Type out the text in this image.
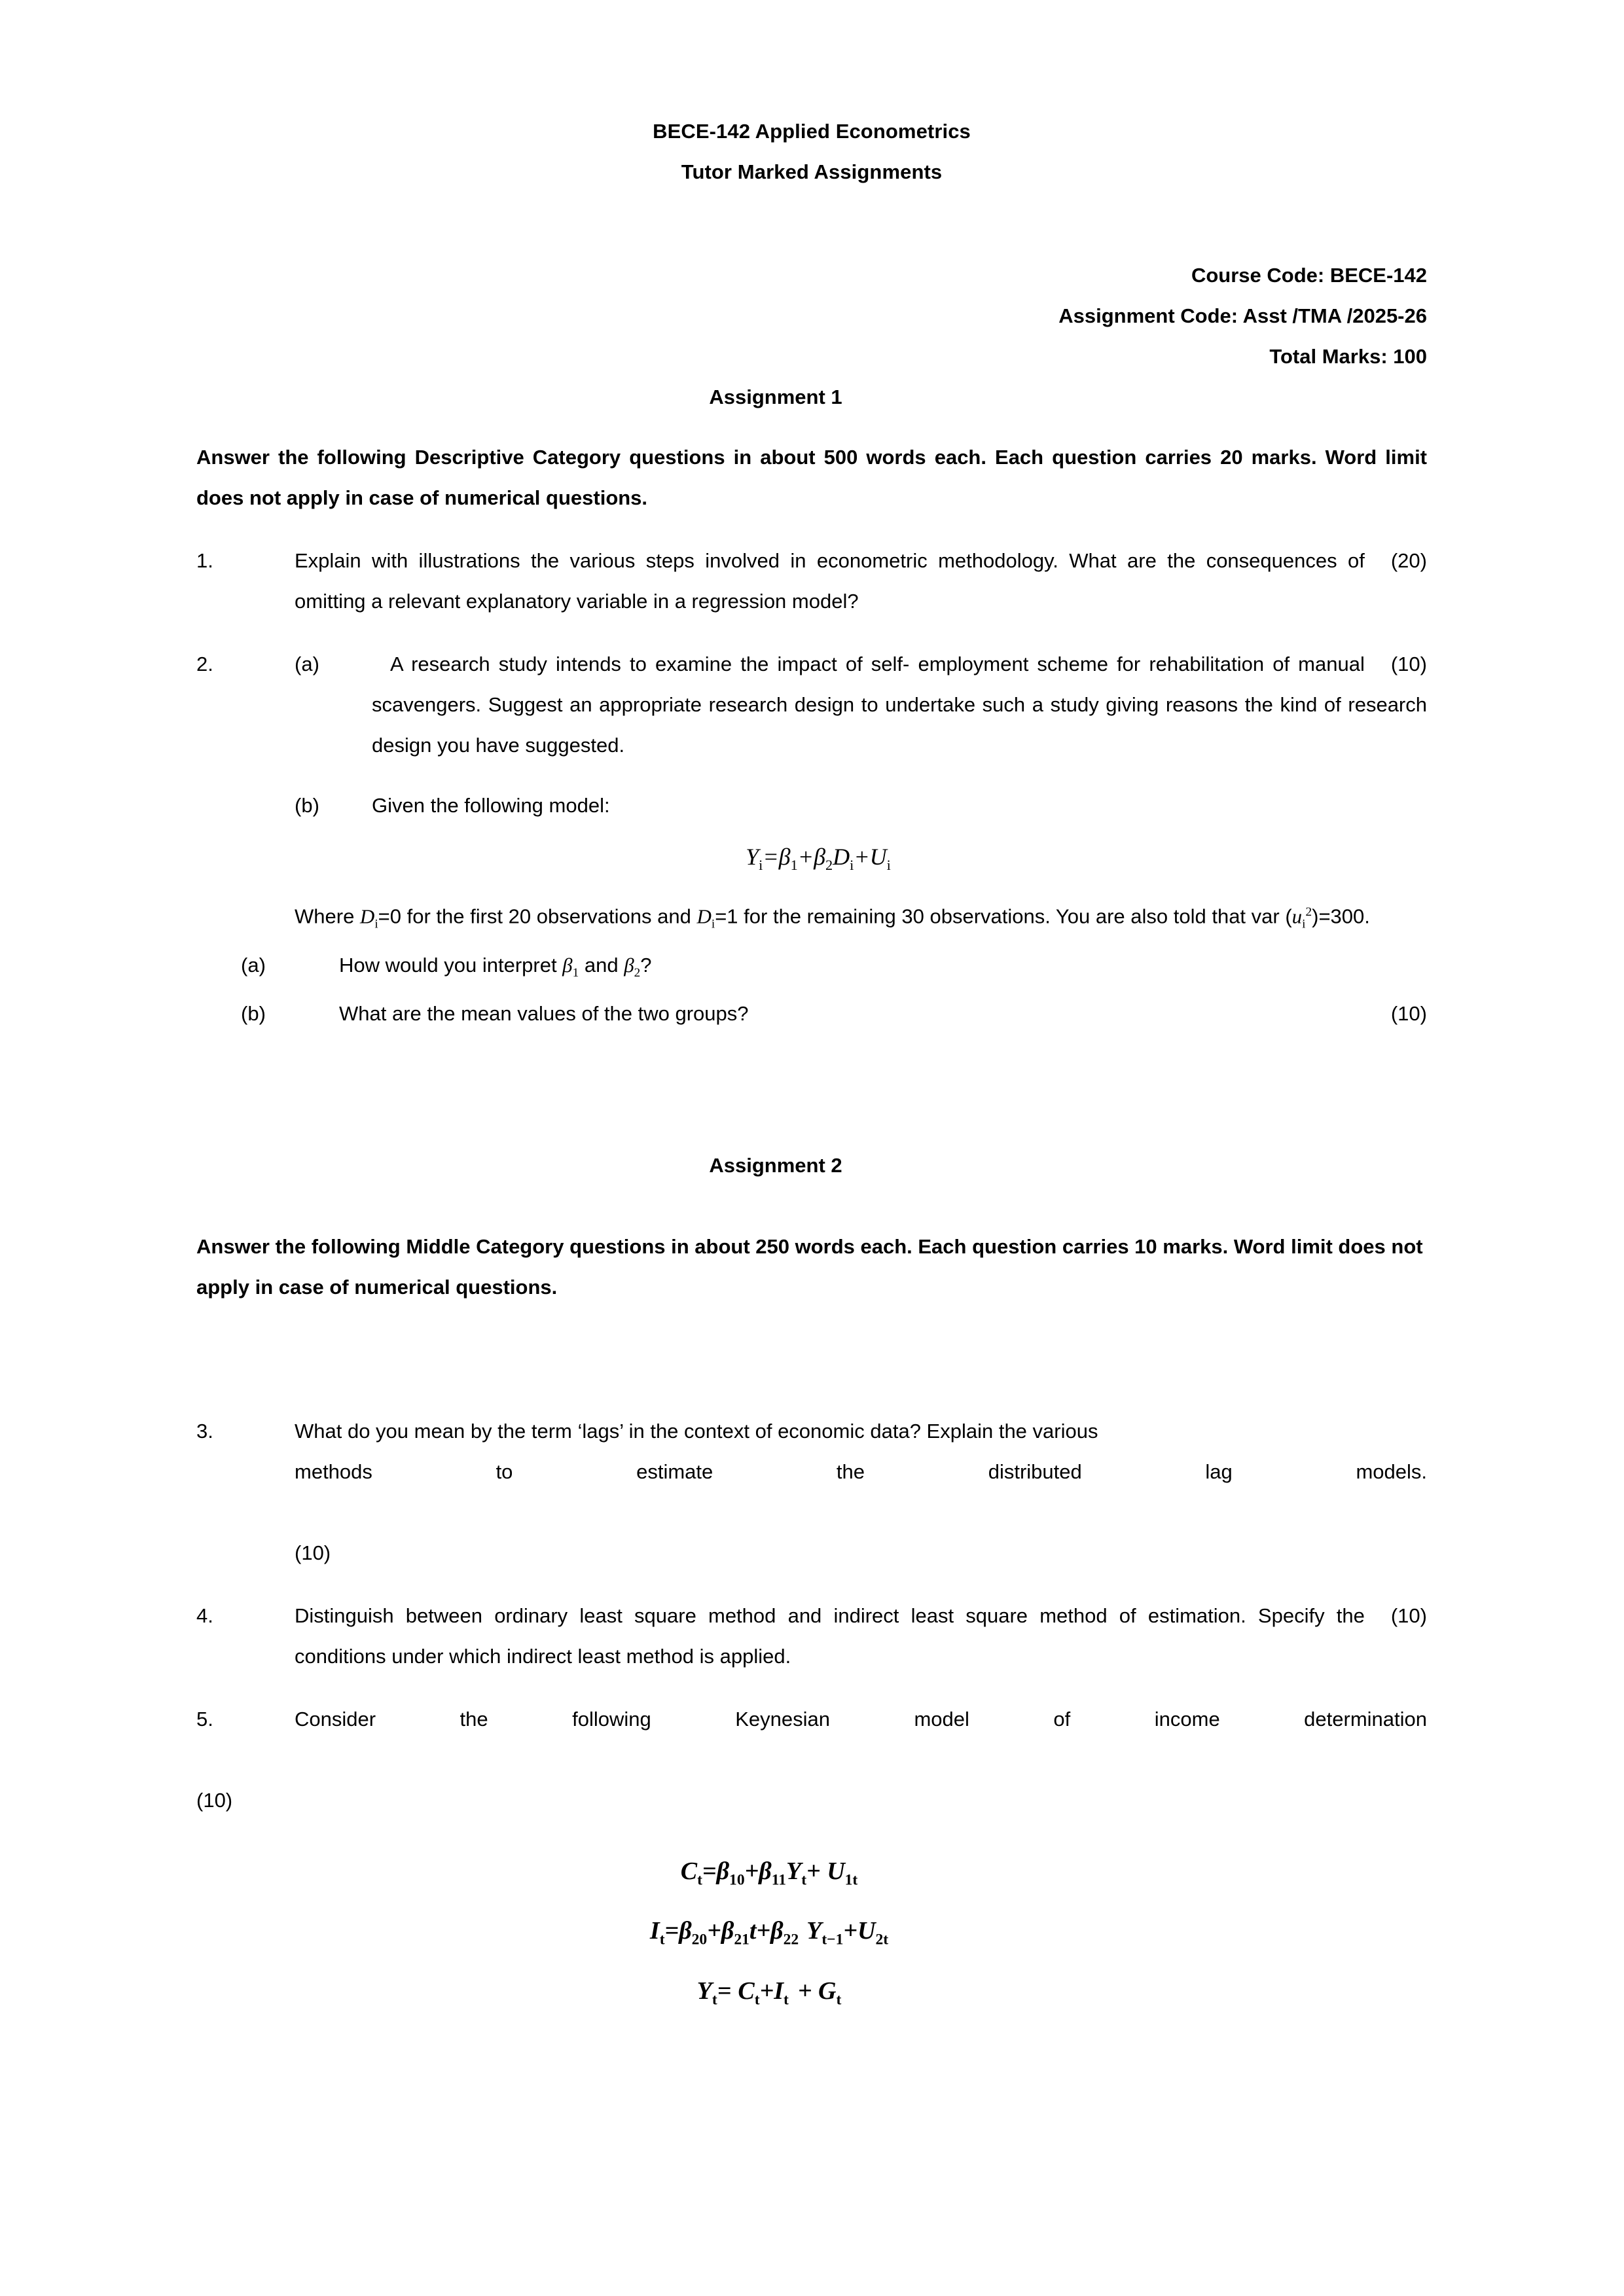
BECE-142 Applied Econometrics
Tutor Marked Assignments
Course Code: BECE-142
Assignment Code: Asst /TMA /2025-26
Total Marks: 100
Assignment 1
Answer the following Descriptive Category questions in about 500 words each. Each question carries 20 marks. Word limit does not apply in case of numerical questions.
1.	(20)
Explain with illustrations the various steps involved in econometric methodology. What are the consequences of omitting a relevant explanatory variable in a regression model?
2.	(a)	(10)
A research study intends to examine the impact of self- employment scheme for rehabilitation of manual scavengers. Suggest an appropriate research design to undertake such a study giving reasons the kind of research design you have suggested.
(b)	Given the following model:
$Y_i=\beta_1+\beta_2D_i+U_i$
Where $D_i=0$ for the first 20 observations and $D_i=1$ for the remaining 30 observations. You are also told that var $(u_i^2)=300$.
(a)	How would you interpret $\beta_1$ and $\beta_2$?
(b)	(10)
What are the mean values of the two groups?
Assignment 2
Answer the following Middle Category questions in about 250 words each. Each question carries 10 marks. Word limit does not apply in case of numerical questions.
3.	What do you mean by the term ‘lags’ in the context of economic data? Explain the various
methods to estimate the distributed lag models.
(10)
4.	(10)
Distinguish between ordinary least square method and indirect least square method of estimation. Specify the conditions under which indirect least method is applied.
5.	Consider the following Keynesian model of income determination
(10)
$C_t=\beta_{10}+\beta_{11}Y_t+ U_{1t}$
$I_t=\beta_{20}+\beta_{21}t+\beta_{22}$ $Y_{t-1}+U_{2t}$
$Y_t= C_t+I_t + G_t$
